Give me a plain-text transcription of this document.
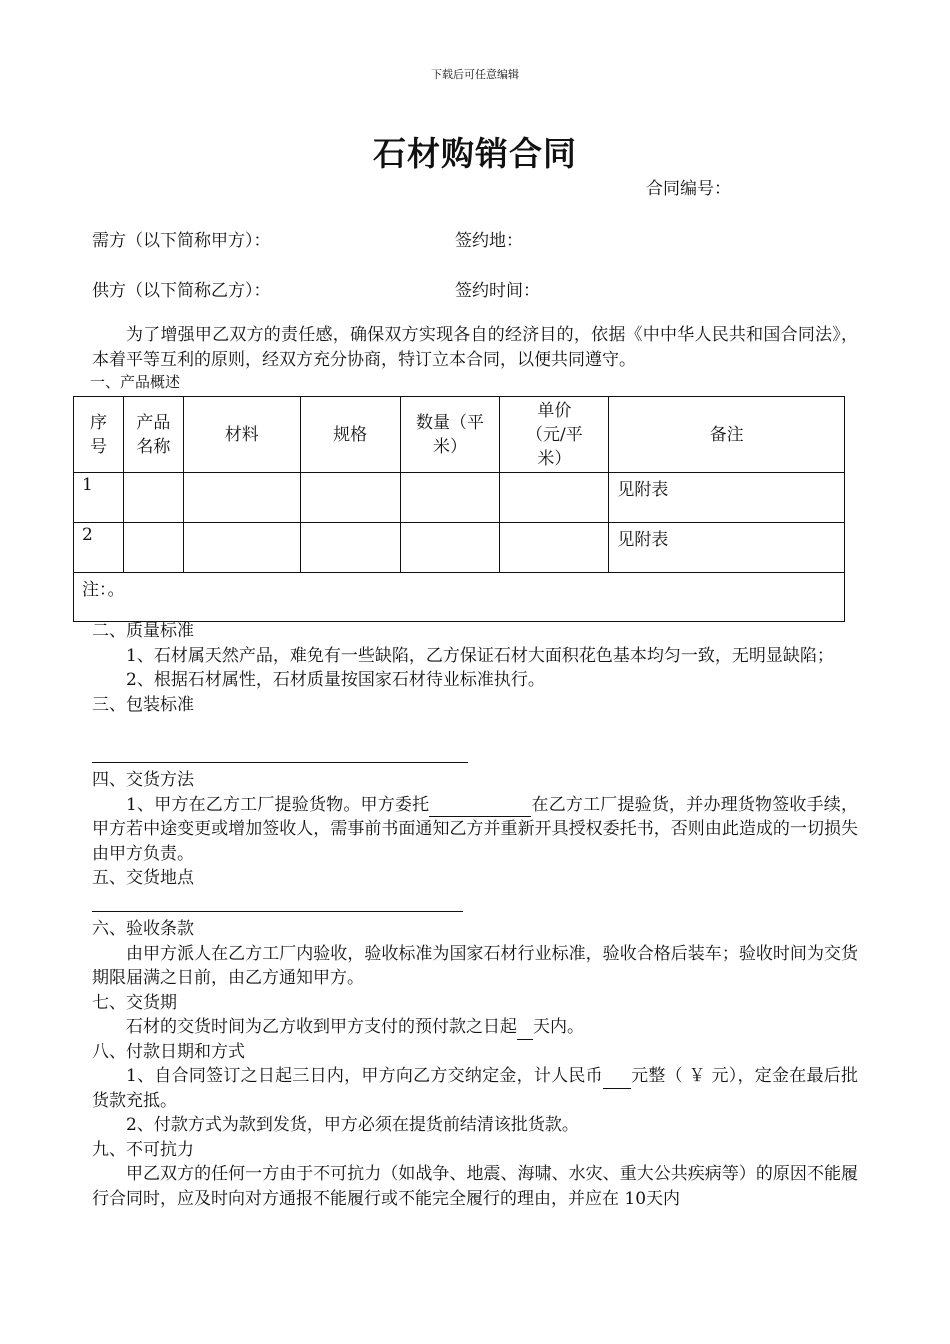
下载后可任意编辑
石材购销合同
合同编号：
需方（以下简称甲方）：	签约地：
供方（以下简称乙方）：	签约时间：
为了增强甲乙双方的责任感，确保双方实现各自的经济目的，依据《中中华人民共和国合同法》，本着平等互利的原则，经双方充分协商，特订立本合同，以便共同遵守。
一、产品概述
序号	产品名称	材料	规格	数量（平米）	单价（元/平米）	备注
1						见附表
2						见附表
注：。						
二、质量标准
1、石材属天然产品，难免有一些缺陷，乙方保证石材大面积花色基本均匀一致，无明显缺陷；
2、根据石材属性，石材质量按国家石材待业标准执行。
三、包装标准
四、交货方法
1、甲方在乙方工厂提验货物。甲方委托	在乙方工厂提验货，并办理货物签收手续，甲方若中途变更或增加签收人，需事前书面通知乙方并重新开具授权委托书，否则由此造成的一切损失由甲方负责。
五、交货地点
六、验收条款
由甲方派人在乙方工厂内验收，验收标准为国家石材行业标准，验收合格后装车；验收时间为交货期限届满之日前，由乙方通知甲方。
七、交货期
石材的交货时间为乙方收到甲方支付的预付款之日起 天内。
八、付款日期和方式
1、自合同签订之日起三日内，甲方向乙方交纳定金，计人民币 元整（ ￥ 元），定金在最后批货款充抵。
2、付款方式为款到发货，甲方必须在提货前结清该批货款。
九、不可抗力
甲乙双方的任何一方由于不可抗力（如战争、地震、海啸、水灾、重大公共疾病等）的原因不能履行合同时，应及时向对方通报不能履行或不能完全履行的理由，并应在 10天内
